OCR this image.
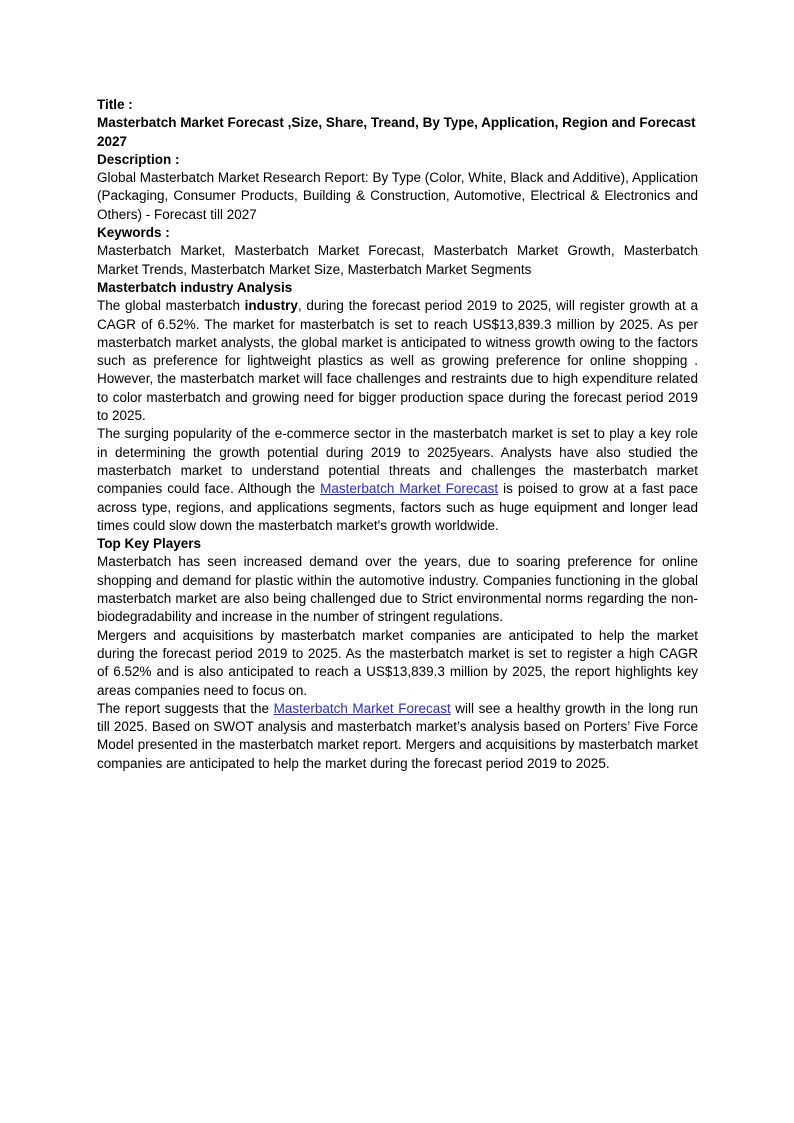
Title :

Masterbatch Market Forecast ,Size, Share, Treand, By Type, Application, Region and Forecast 2027

Description :

Global Masterbatch Market Research Report: By Type (Color, White, Black and Additive), Application (Packaging, Consumer Products, Building & Construction, Automotive, Electrical & Electronics and Others) - Forecast till 2027

Keywords :

Masterbatch Market, Masterbatch Market Forecast, Masterbatch Market Growth, Masterbatch Market Trends, Masterbatch Market Size, Masterbatch Market Segments

Masterbatch industry Analysis

The global masterbatch industry, during the forecast period 2019 to 2025, will register growth at a CAGR of 6.52%. The market for masterbatch is set to reach US$13,839.3 million by 2025. As per masterbatch market analysts, the global market is anticipated to witness growth owing to the factors such as preference for lightweight plastics as well as growing preference for online shopping . However, the masterbatch market will face challenges and restraints due to high expenditure related to color masterbatch and growing need for bigger production space during the forecast period 2019 to 2025.

The surging popularity of the e-commerce sector in the masterbatch market is set to play a key role in determining the growth potential during 2019 to 2025years. Analysts have also studied the masterbatch market to understand potential threats and challenges the masterbatch market companies could face. Although the Masterbatch Market Forecast is poised to grow at a fast pace across type, regions, and applications segments, factors such as huge equipment and longer lead times could slow down the masterbatch market's growth worldwide.

Top Key Players

Masterbatch has seen increased demand over the years, due to soaring preference for online shopping and demand for plastic within the automotive industry. Companies functioning in the global masterbatch market are also being challenged due to Strict environmental norms regarding the non-biodegradability and increase in the number of stringent regulations.

Mergers and acquisitions by masterbatch market companies are anticipated to help the market during the forecast period 2019 to 2025. As the masterbatch market is set to register a high CAGR of 6.52% and is also anticipated to reach a US$13,839.3 million by 2025, the report highlights key areas companies need to focus on.

The report suggests that the Masterbatch Market Forecast will see a healthy growth in the long run till 2025. Based on SWOT analysis and masterbatch market’s analysis based on Porters’ Five Force Model presented in the masterbatch market report. Mergers and acquisitions by masterbatch market companies are anticipated to help the market during the forecast period 2019 to 2025.
